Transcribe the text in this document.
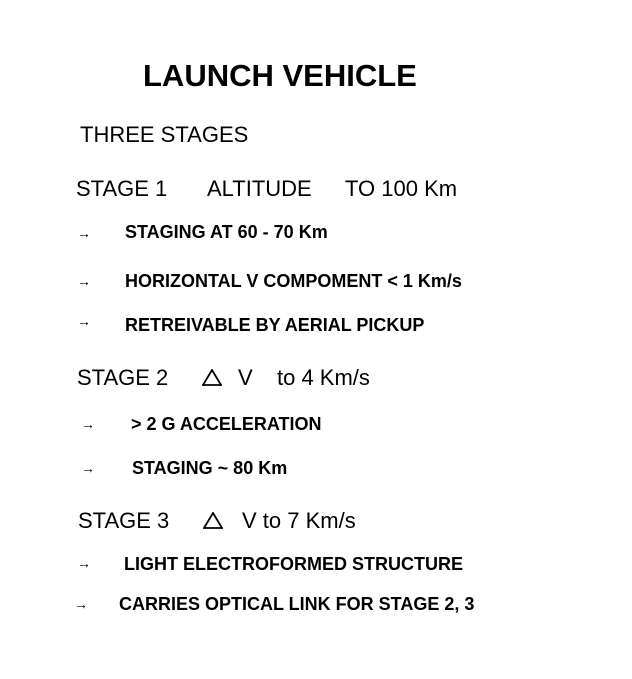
LAUNCH VEHICLE
THREE STAGES
STAGE 1 ALTITUDE TO 100 Km
→ STAGING AT 60 - 70 Km
→ HORIZONTAL V COMPOMENT < 1 Km/s
→ RETREIVABLE BY AERIAL PICKUP
STAGE 2	V to 4 Km/s
→ > 2 G ACCELERATION
→ STAGING ~ 80 Km
STAGE 3	V to 7 Km/s
→ LIGHT ELECTROFORMED STRUCTURE
→ CARRIES OPTICAL LINK FOR STAGE 2, 3
